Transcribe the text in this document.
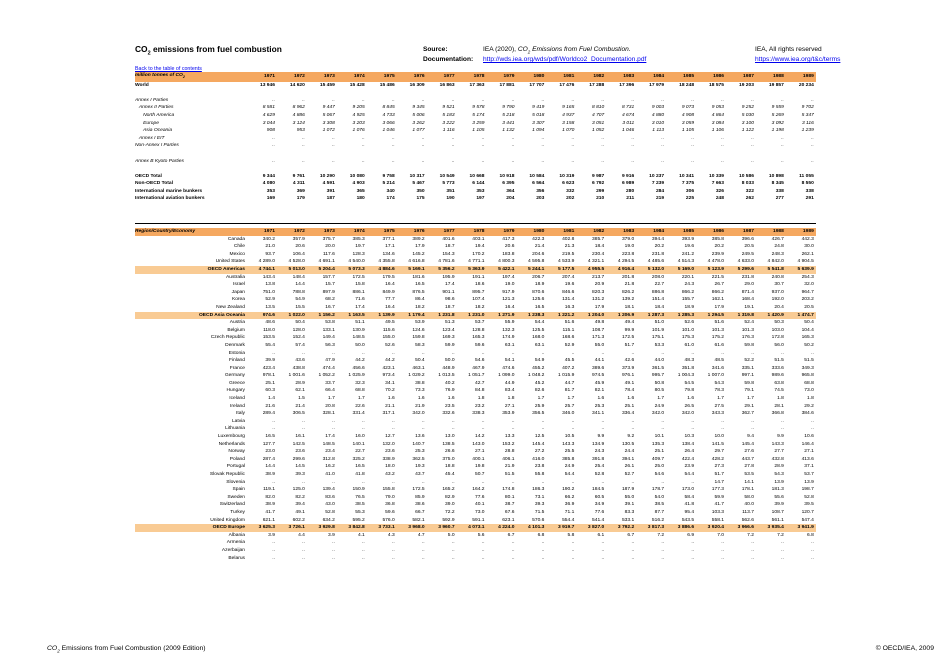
$CO_2$ emissions from fuel combustion	Source:	IEA (2020), $CO_2$ Emissions from Fuel Combustion.	IEA, All rights reserved
Documentation: http://wds.iea.org/wds/pdf/Worldco2_Documentation.pdf	https://www.iea.org/t&c/terms
Back to the table of contents
million tonnes of $CO_2$	1971	1972	1973	1974	1975	1976	1977	1978	1979	1980	1981	1982	1983	1984	1985	1986	1987	1988	1989
World	13 946	14 620	15 459	15 428	15 486	16 309	16 863	17 363	17 881	17 707	17 476	17 288	17 396	17 979	18 248	18 575	19 203	19 857	20 234

Annex I Parties	..	..	..	..	..	..	..	..	..	..	..	..	..	..	..	..	..	..	..
Annex II Parties	8 581	8 962	9 447	9 205	8 845	9 345	9 521	9 578	9 790	9 419	9 165	8 810	8 731	9 003	9 073	9 053	9 252	9 559	9 702
North America	4 629	4 886	5 067	4 925	4 733	5 006	5 183	5 174	5 218	5 018	4 937	4 707	4 674	4 880	4 908	4 864	5 030	5 269	5 347
Europe	3 044	3 124	3 308	3 203	3 066	3 262	3 222	3 259	3 441	3 307	3 158	3 051	3 011	3 010	3 059	3 084	3 100	3 092	3 116
Asia Oceania	908	953	1 072	1 076	1 046	1 077	1 116	1 105	1 132	1 094	1 070	1 052	1 046	1 113	1 105	1 106	1 122	1 198	1 239
Annex I EIT	..	..	..	..	..	..	..	..	..	..	..	..	..	..	..	..	..	..	..
Non-Annex I Parties	..	..	..	..	..	..	..	..	..	..	..	..	..	..	..	..	..	..	..

Annex B Kyoto Parties	..	..	..	..	..	..	..	..	..	..	..	..	..	..	..	..	..	..	..

OECD Total	9 344	9 761	10 290	10 080	9 758	10 317	10 549	10 668	10 918	10 584	10 319	9 987	9 916	10 237	10 341	10 339	10 586	10 898	11 055
Non-OECD Total	4 080	4 311	4 591	4 903	5 214	5 467	5 773	6 144	6 395	6 564	6 623	6 792	6 989	7 239	7 375	7 663	8 033	8 345	8 550
International marine bunkers	353	369	391	365	340	350	351	353	364	356	332	299	280	284	306	326	322	338	338
International aviation bunkers	169	179	187	180	174	175	190	197	204	203	202	210	211	219	225	248	262	277	291
Region/Country/Economy	1971	1972	1973	1974	1975	1976	1977	1978	1979	1980	1981	1982	1983	1984	1985	1986	1987	1988	1989
Canada	340.2	357.9	375.7	385.3	377.1	389.2	401.6	403.1	417.3	422.3	402.8	385.7	379.0	394.4	393.9	385.8	396.6	426.7	442.3
Chile	21.0	20.6	20.0	19.7	17.1	17.9	18.7	19.4	20.6	21.4	21.3	18.4	19.0	20.2	19.6	20.2	20.5	24.8	30.0
Mexico	93.7	106.4	117.6	128.3	134.6	145.2	154.3	170.2	183.8	204.6	219.5	230.4	223.8	231.8	241.2	239.9	249.5	248.3	262.1
United States	4 289.0	4 528.0	4 691.1	4 540.0	4 355.8	4 616.8	4 781.6	4 771.1	4 800.3	4 595.8	4 533.9	4 321.1	4 294.5	4 485.6	4 514.3	4 478.0	4 633.0	4 842.0	4 904.5
OECD Americas	4 744.1	5 013.0	5 204.4	5 073.3	4 884.6	5 169.1	5 356.2	5 363.9	5 422.1	5 244.1	5 177.5	4 955.5	4 916.4	5 132.0	5 169.0	5 123.9	5 299.6	5 541.8	5 639.9
Australia	143.4	148.4	157.7	172.5	179.5	181.6	195.9	191.1	197.4	206.7	207.4	213.7	201.8	208.0	220.1	221.5	231.8	240.8	254.3
Israel	13.8	14.4	15.7	15.8	16.4	16.5	17.4	18.6	19.0	18.9	19.6	20.9	21.8	22.7	24.3	26.7	29.0	30.7	32.0
Japan	751.0	788.8	897.9	886.1	849.9	876.5	901.1	895.7	917.9	870.6	846.6	820.3	826.2	886.8	866.2	866.2	871.4	937.0	964.7
Korea	52.9	54.9	68.2	71.6	77.7	86.4	98.6	107.4	121.3	125.6	131.4	131.2	139.2	151.4	155.7	162.1	168.4	192.0	203.2
New Zealand	13.5	15.5	16.7	17.4	16.4	18.2	18.7	18.2	16.4	16.5	16.3	17.9	18.1	18.4	18.9	17.9	19.1	20.4	20.5
OECD Asia Oceania	974.6	1 022.0	1 156.2	1 163.5	1 139.9	1 179.4	1 231.8	1 231.0	1 271.9	1 238.3	1 221.2	1 204.0	1 206.9	1 287.3	1 285.3	1 294.5	1 319.8	1 420.9	1 474.7
Austria	48.6	50.4	53.8	51.1	49.5	53.9	51.3	53.7	55.9	54.4	51.6	49.8	49.4	51.0	52.6	51.6	52.4	50.3	50.4
Belgium	118.0	128.0	133.1	130.9	115.6	124.6	123.4	128.8	132.3	125.5	115.1	108.7	99.9	101.9	101.0	101.3	101.3	103.0	104.4
Czech Republic	153.5	152.4	149.4	148.5	155.0	159.8	169.3	165.3	174.9	168.0	168.6	171.3	172.5	175.1	175.3	175.2	176.3	172.8	165.3
Denmark	55.4	57.4	56.3	50.0	52.6	58.3	59.9	59.6	63.1	63.1	52.9	55.0	51.7	53.3	61.0	61.6	59.8	56.0	50.2
Estonia	..	..	..	..	..	..	..	..	..	..	..	..	..	..	..	..	..	..	..
Finland	39.9	43.6	47.9	44.2	44.2	50.4	50.0	54.6	54.1	54.9	45.5	44.1	42.6	44.0	48.3	48.5	52.2	51.5	51.5
France	423.4	438.8	474.4	456.6	423.1	463.1	448.9	467.9	474.6	455.2	407.2	389.6	373.9	361.5	351.8	341.6	335.1	333.6	349.3
Germany	978.1	1 001.6	1 052.2	1 025.9	973.4	1 029.2	1 013.5	1 051.7	1 099.0	1 048.2	1 015.9	974.5	976.1	995.7	1 004.3	1 007.0	997.1	989.6	965.8
Greece	25.1	28.9	33.7	32.3	34.1	38.8	40.2	42.7	44.9	45.2	44.7	45.9	49.1	50.8	54.5	54.3	59.8	63.8	68.8
Hungary	60.3	62.1	66.4	68.8	70.2	73.3	76.9	84.8	83.4	82.6	81.7	82.1	78.4	80.5	79.8	78.3	79.1	74.5	73.0
Iceland	1.4	1.5	1.7	1.7	1.6	1.6	1.6	1.8	1.8	1.7	1.7	1.6	1.6	1.7	1.6	1.7	1.7	1.8	1.8
Ireland	21.6	21.4	20.8	22.6	21.1	21.9	23.5	23.2	27.1	25.9	25.7	25.3	25.1	24.9	26.5	27.5	29.1	28.1	29.2
Italy	289.4	306.5	328.1	331.4	317.1	342.0	332.6	338.3	353.9	356.5	346.0	341.1	336.4	342.0	342.0	343.3	362.7	366.8	384.6
Latvia	..	..	..	..	..	..	..	..	..	..	..	..	..	..	..	..	..	..	..
Lithuania	..	..	..	..	..	..	..	..	..	..	..	..	..	..	..	..	..	..	..
Luxembourg	16.5	16.1	17.4	16.0	12.7	13.6	13.0	14.2	13.3	12.5	10.5	9.9	9.2	10.1	10.3	10.0	9.4	9.9	10.6
Netherlands	127.7	142.5	148.5	140.1	132.0	140.7	138.5	143.0	153.2	145.4	143.3	134.9	130.5	135.3	138.4	141.5	145.4	143.3	146.4
Norway	23.0	23.6	23.4	22.7	23.6	25.3	26.6	27.1	28.8	27.2	25.5	24.3	24.4	25.1	26.4	29.7	27.6	27.7	27.1
Poland	287.4	299.6	312.8	325.2	338.9	362.5	375.0	400.1	406.1	416.0	385.8	391.8	394.1	409.7	422.4	428.2	443.7	432.8	413.6
Portugal	14.4	14.5	16.2	16.5	18.0	19.3	18.8	19.8	21.9	23.8	24.9	25.4	26.1	25.0	23.9	27.3	27.8	28.9	37.1
Slovak Republic	38.9	39.3	41.0	41.8	43.2	43.7	45.4	50.7	51.5	55.8	54.4	52.8	52.7	54.6	54.4	51.7	53.5	54.3	53.7
Slovenia	..	..	..	..	..	..	..	..	..	..	..	..	..	..	..	14.7	14.1	13.9	13.9
Spain	119.1	125.0	139.4	150.9	155.8	172.5	165.2	164.2	174.8	186.3	190.2	184.5	187.9	178.7	173.0	177.3	178.1	181.3	198.7
Sweden	82.0	82.2	83.6	76.5	79.0	85.9	82.9	77.6	80.1	73.1	66.2	60.5	55.0	54.0	58.4	59.9	58.0	55.6	52.8
Switzerland	38.9	39.4	43.0	38.5	36.8	38.6	39.0	40.1	38.7	39.3	36.9	34.9	39.1	38.5	41.8	41.7	40.0	39.9	39.5
Turkey	41.7	49.1	52.8	55.3	59.6	66.7	72.2	73.0	67.6	71.5	71.1	77.6	83.3	87.7	95.4	103.3	113.7	108.7	120.7
United Kingdom	621.1	602.2	634.2	595.2	576.0	582.1	592.9	591.1	623.1	570.6	554.4	541.4	533.1	516.2	543.5	558.1	562.6	561.1	547.4
OECD Europe	3 625.3	3 726.1	3 929.8	3 842.8	3 733.1	3 968.0	3 960.7	4 073.1	4 224.0	4 101.3	3 919.7	3 827.0	3 792.2	3 817.3	3 886.6	3 920.4	3 966.6	3 935.4	3 941.9
Albania	3.9	4.4	3.9	4.1	4.3	4.7	5.0	5.6	6.7	6.8	5.8	6.1	6.7	7.2	6.9	7.0	7.2	7.2	6.8
Armenia	..	..	..	..	..	..	..	..	..	..	..	..	..	..	..	..	..	..	..
Azerbaijan	..	..	..	..	..	..	..	..	..	..	..	..	..	..	..	..	..	..	..
Belarus	..	..	..	..	..	..	..	..	..	..	..	..	..	..	..	..	..	..	..
$CO_2$ Emissions from Fuel Combustion (2009 Edition)	© OECD/IEA, 2009
